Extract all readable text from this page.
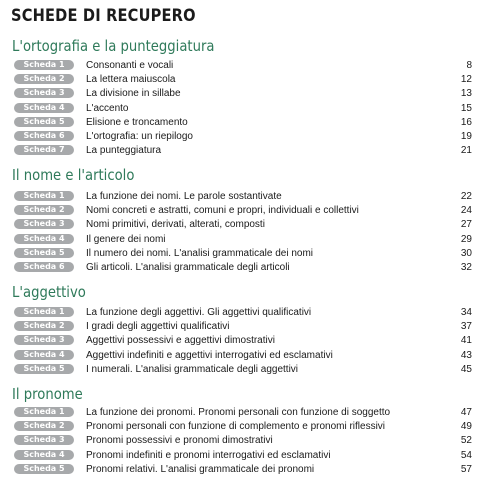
SCHEDE DI RECUPERO
L'ortografia e la punteggiatura
Scheda 1	Consonanti e vocali	8
Scheda 2	La lettera maiuscola	12
Scheda 3	La divisione in sillabe	13
Scheda 4	L'accento	15
Scheda 5	Elisione e troncamento	16
Scheda 6	L'ortografia: un riepilogo	19
Scheda 7	La punteggiatura	21
Il nome e l'articolo
Scheda 1	La funzione dei nomi. Le parole sostantivate	22
Scheda 2	Nomi concreti e astratti, comuni e propri, individuali e collettivi	24
Scheda 3	Nomi primitivi, derivati, alterati, composti	27
Scheda 4	Il genere dei nomi	29
Scheda 5	Il numero dei nomi. L'analisi grammaticale dei nomi	30
Scheda 6	Gli articoli. L'analisi grammaticale degli articoli	32
L'aggettivo
Scheda 1	La funzione degli aggettivi. Gli aggettivi qualificativi	34
Scheda 2	I gradi degli aggettivi qualificativi	37
Scheda 3	Aggettivi possessivi e aggettivi dimostrativi	41
Scheda 4	Aggettivi indefiniti e aggettivi interrogativi ed esclamativi	43
Scheda 5	I numerali. L'analisi grammaticale degli aggettivi	45
Il pronome
Scheda 1	La funzione dei pronomi. Pronomi personali con funzione di soggetto	47
Scheda 2	Pronomi personali con funzione di complemento e pronomi riflessivi	49
Scheda 3	Pronomi possessivi e pronomi dimostrativi	52
Scheda 4	Pronomi indefiniti e pronomi interrogativi ed esclamativi	54
Scheda 5	Pronomi relativi. L'analisi grammaticale dei pronomi	57
